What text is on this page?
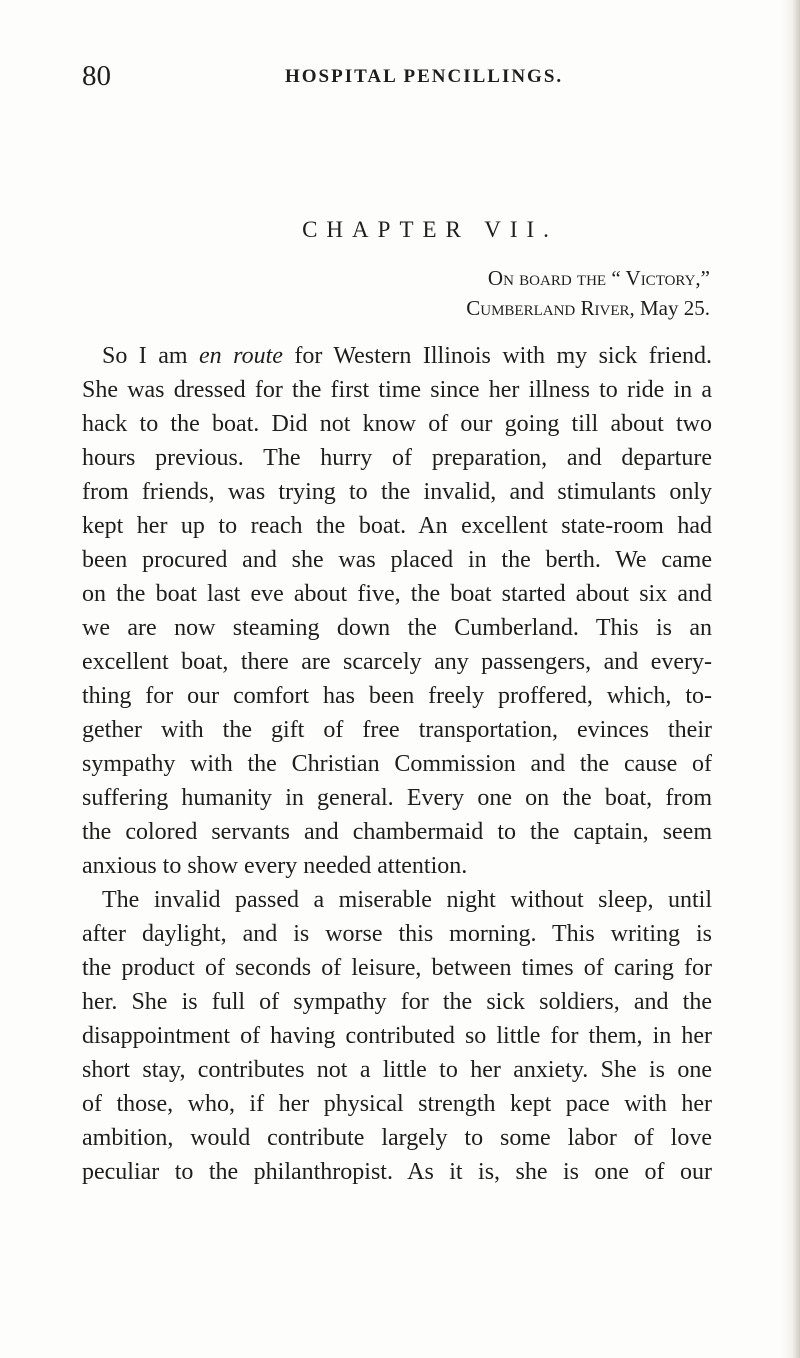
80	HOSPITAL PENCILLINGS.
CHAPTER VII.
On board the “ Victory,”
Cumberland River, May 25.
So I am en route for Western Illinois with my sick friend.
She was dressed for the first time since her illness to ride in a
hack to the boat. Did not know of our going till about two
hours previous. The hurry of preparation, and departure
from friends, was trying to the invalid, and stimulants only
kept her up to reach the boat. An excellent state-room had
been procured and she was placed in the berth. We came
on the boat last eve about five, the boat started about six and
we are now steaming down the Cumberland. This is an
excellent boat, there are scarcely any passengers, and every-
thing for our comfort has been freely proffered, which, to-
gether with the gift of free transportation, evinces their
sympathy with the Christian Commission and the cause of
suffering humanity in general. Every one on the boat, from
the colored servants and chambermaid to the captain, seem
anxious to show every needed attention.
The invalid passed a miserable night without sleep, until
after daylight, and is worse this morning. This writing is
the product of seconds of leisure, between times of caring for
her. She is full of sympathy for the sick soldiers, and the
disappointment of having contributed so little for them, in her
short stay, contributes not a little to her anxiety. She is one
of those, who, if her physical strength kept pace with her
ambition, would contribute largely to some labor of love
peculiar to the philanthropist. As it is, she is one of our
